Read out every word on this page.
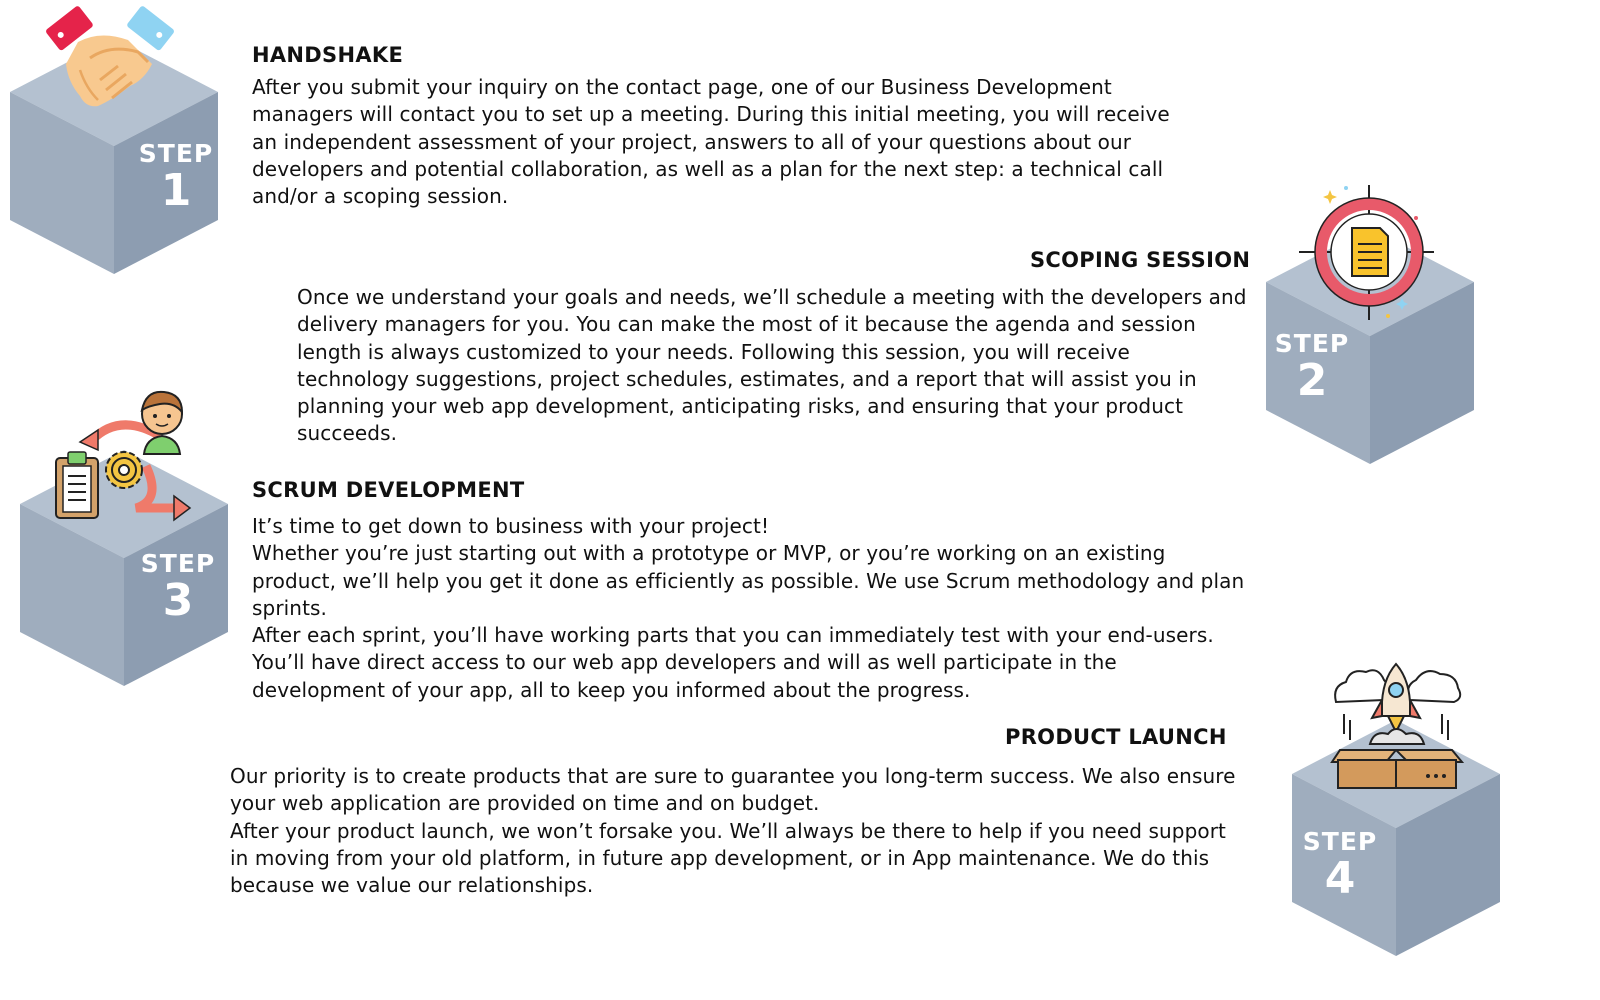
STEP
1
HANDSHAKE

After you submit your inquiry on the contact page, one of our Business Development managers will contact you to set up a meeting. During this initial meeting, you will receive an independent assessment of your project, answers to all of your questions about our developers and potential collaboration, as well as a plan for the next step: a technical call and/or a scoping session.

STEP
2
SCOPING SESSION

Once we understand your goals and needs, we’ll schedule a meeting with the developers and delivery managers for you. You can make the most of it because the agenda and session length is always customized to your needs. Following this session, you will receive technology suggestions, project schedules, estimates, and a report that will assist you in planning your web app development, anticipating risks, and ensuring that your product succeeds.

STEP
3
SCRUM DEVELOPMENT

It’s time to get down to business with your project!

Whether you’re just starting out with a prototype or MVP, or you’re working on an existing product, we’ll help you get it done as efficiently as possible. We use Scrum methodology and plan sprints.

After each sprint, you’ll have working parts that you can immediately test with your end-users. You’ll have direct access to our web app developers and will as well participate in the development of your app, all to keep you informed about the progress.

STEP
4
PRODUCT LAUNCH

Our priority is to create products that are sure to guarantee you long-term success. We also ensure your web application are provided on time and on budget.

After your product launch, we won’t forsake you. We’ll always be there to help if you need support in moving from your old platform, in future app development, or in App maintenance. We do this because we value our relationships.
